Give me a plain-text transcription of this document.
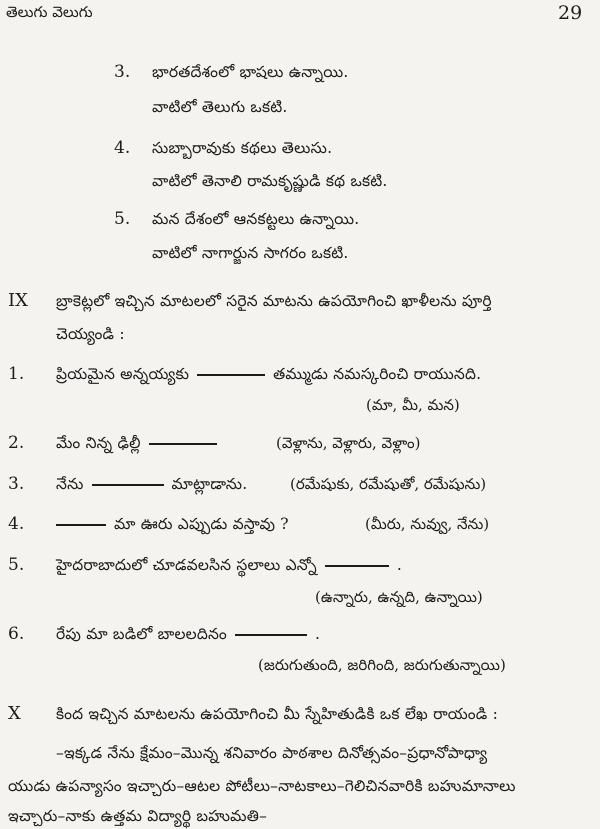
తెలుగు వెలుగు	29
3. భారతదేశంలో భాషలు ఉన్నాయి.
వాటిలో తెలుగు ఒకటి.
4. సుబ్బారావుకు కథలు తెలుసు.
వాటిలో తెనాలి రామకృష్ణుడి కథ ఒకటి.
5. మన దేశంలో ఆనకట్టలు ఉన్నాయి.
వాటిలో నాగార్జున సాగరం ఒకటి.
IX బ్రాకెట్లలో ఇచ్చిన మాటలలో సరైన మాటను ఉపయోగించి ఖాళీలను పూర్తి
చెయ్యండి :
1. ప్రియమైన అన్నయ్యకు	తమ్ముడు నమస్కరించి రాయునది.
(మా, మీ, మన)
2. మేం నిన్న ఢిల్లీ	(వెళ్లాను, వెళ్లారు, వెళ్లాం)
3. నేను	మాట్లాడాను.	(రమేషుకు, రమేషుతో, రమేషును)
4.	మా ఊరు ఎప్పుడు వస్తావు ?	(మీరు, నువ్వు, నేను)
5. హైదరాబాదులో చూడవలసిన స్థలాలు ఎన్నో	.
(ఉన్నారు, ఉన్నది, ఉన్నాయి)
6. రేపు మా బడిలో బాలలదినం	.
(జరుగుతుంది, జరిగింది, జరుగుతున్నాయి)
X కింద ఇచ్చిన మాటలను ఉపయోగించి మీ స్నేహితుడికి ఒక లేఖ రాయండి :
–ఇక్కడ నేను క్షేమం–మొన్న శనివారం పాఠశాల దినోత్సవం–ప్రధానోపాధ్యా
యుడు ఉపన్యాసం ఇచ్చారు–ఆటల పోటీలు–నాటకాలు–గెలిచినవారికి బహుమానాలు
ఇచ్చారు–నాకు ఉత్తమ విద్యార్థి బహుమతి–
